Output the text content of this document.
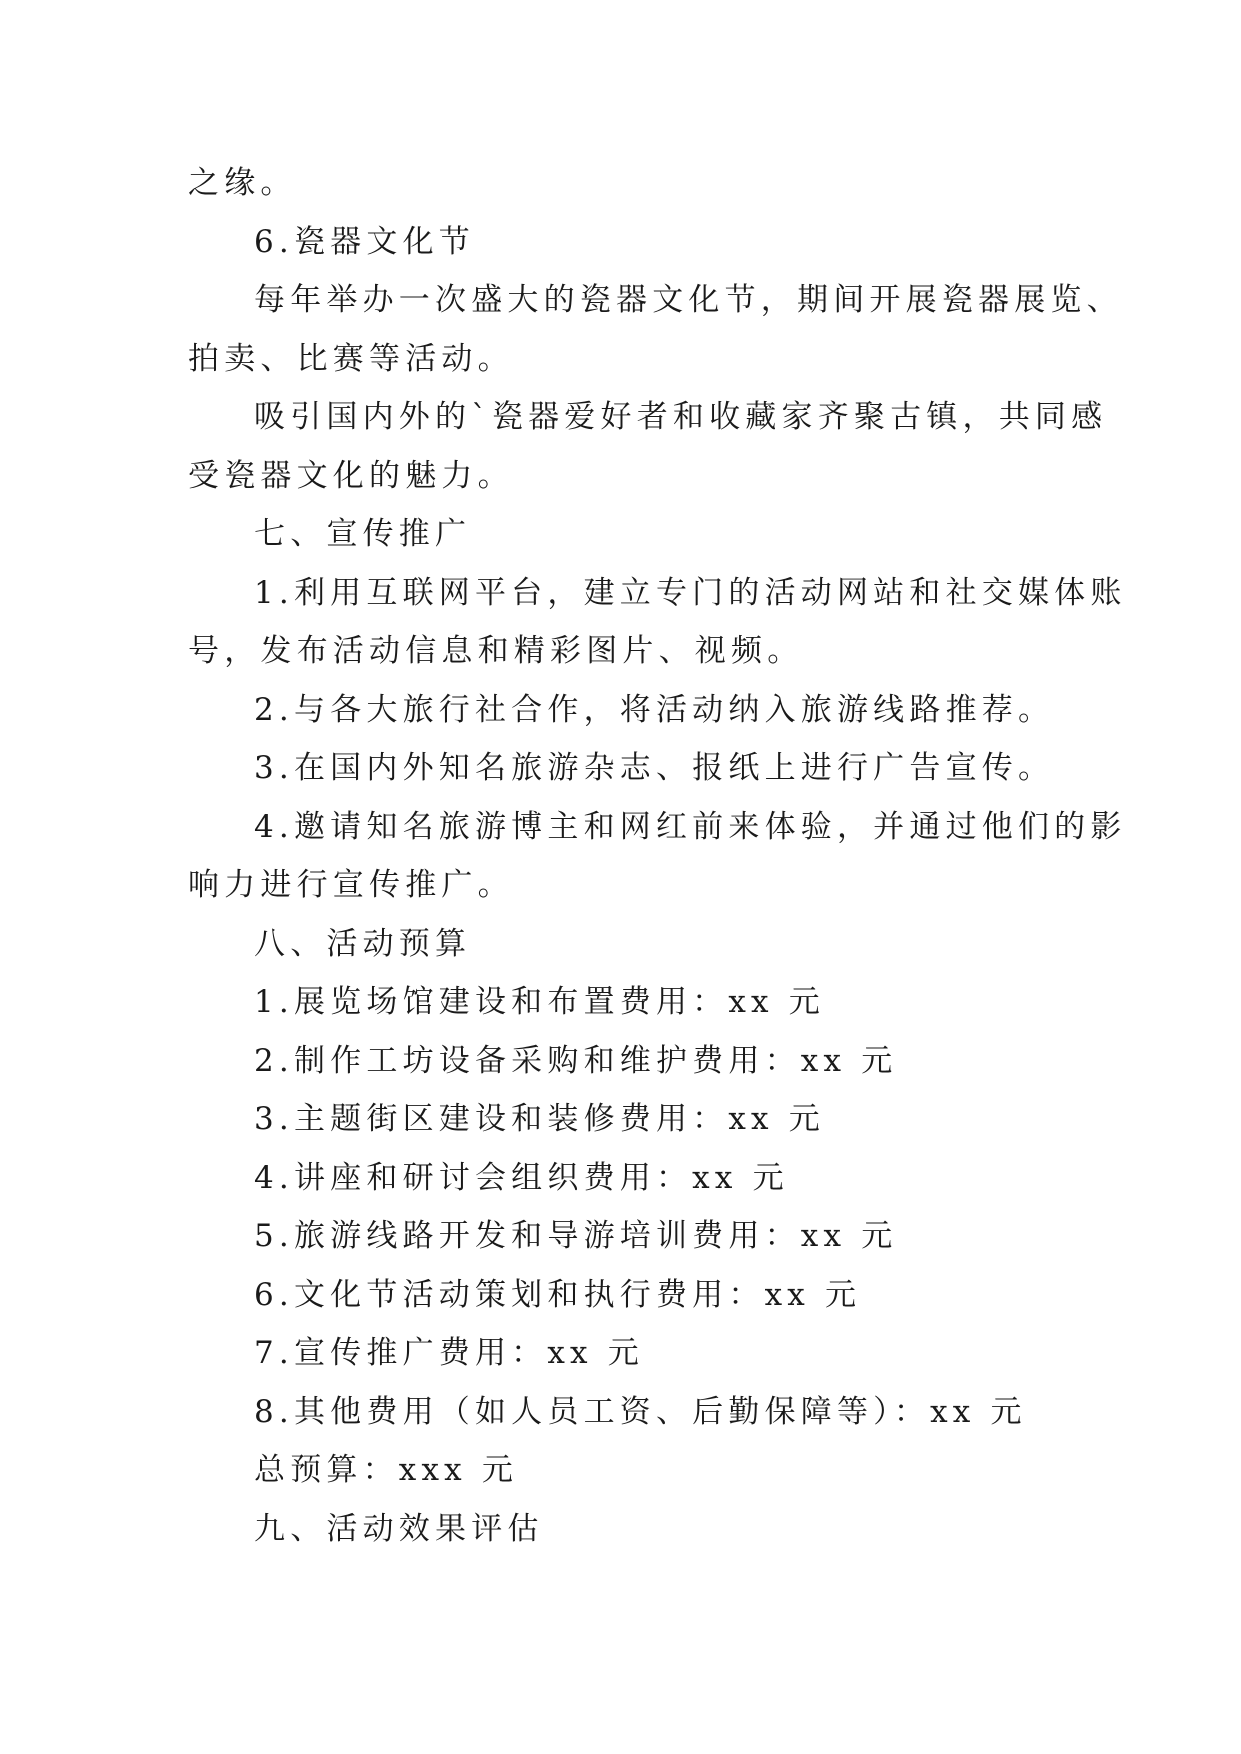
之缘。
6.瓷器文化节
每年举办一次盛大的瓷器文化节，期间开展瓷器展览、
拍卖、比赛等活动。
吸引国内外的`瓷器爱好者和收藏家齐聚古镇，共同感
受瓷器文化的魅力。
七、宣传推广
1.利用互联网平台，建立专门的活动网站和社交媒体账
号，发布活动信息和精彩图片、视频。
2.与各大旅行社合作，将活动纳入旅游线路推荐。
3.在国内外知名旅游杂志、报纸上进行广告宣传。
4.邀请知名旅游博主和网红前来体验，并通过他们的影
响力进行宣传推广。
八、活动预算
1.展览场馆建设和布置费用：xx 元
2.制作工坊设备采购和维护费用：xx 元
3.主题街区建设和装修费用：xx 元
4.讲座和研讨会组织费用：xx 元
5.旅游线路开发和导游培训费用：xx 元
6.文化节活动策划和执行费用：xx 元
7.宣传推广费用：xx 元
8.其他费用（如人员工资、后勤保障等）：xx 元
总预算：xxx 元
九、活动效果评估
